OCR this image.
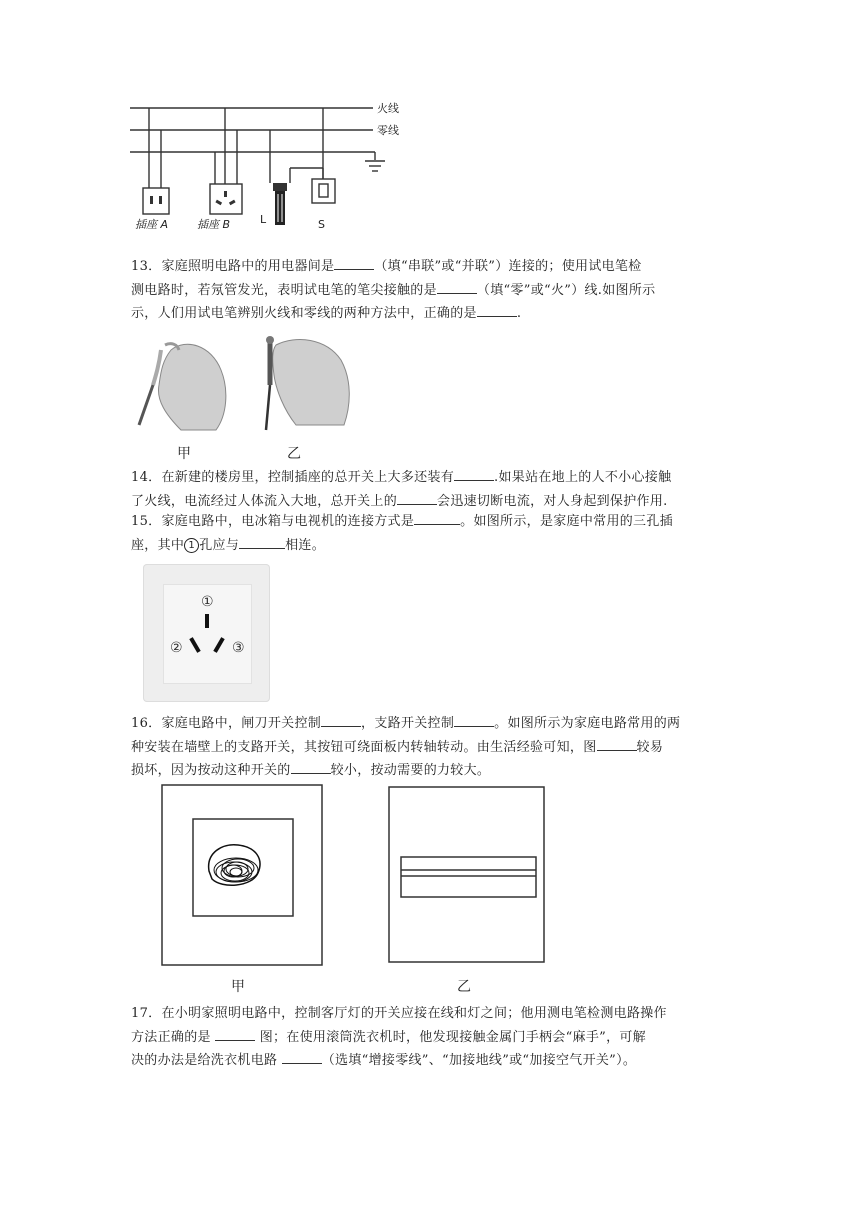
火线
零线
插座 A	插座 B	L	S
13．家庭照明电路中的用电器间是	（填“串联”或“并联”）连接的；使用试电笔检
测电路时，若氖管发光，表明试电笔的笔尖接触的是	（填“零”或“火”）线.如图所示
示，人们用试电笔辨别火线和零线的两种方法中，正确的是	.
甲	乙
14．在新建的楼房里，控制插座的总开关上大多还装有	.如果站在地上的人不小心接触
了火线，电流经过人体流入大地，总开关上的	会迅速切断电流，对人身起到保护作用.
15．家庭电路中，电冰箱与电视机的连接方式是	。如图所示，是家庭中常用的三孔插
座，其中 1 孔应与	相连。
①
②	③
16．家庭电路中，闸刀开关控制	，支路开关控制	。如图所示为家庭电路常用的两
种安装在墙壁上的支路开关，其按钮可绕面板内转轴转动。由生活经验可知，图	较易
损坏，因为按动这种开关的	较小，按动需要的力较大。
甲	乙
17．在小明家照明电路中，控制客厅灯的开关应接在线和灯之间；他用测电笔检测电路操作
方法正确的是	图；在使用滚筒洗衣机时，他发现接触金属门手柄会“麻手”，可解
决的办法是给洗衣机电路	（选填“增接零线”、“加接地线”或“加接空气开关”）。
